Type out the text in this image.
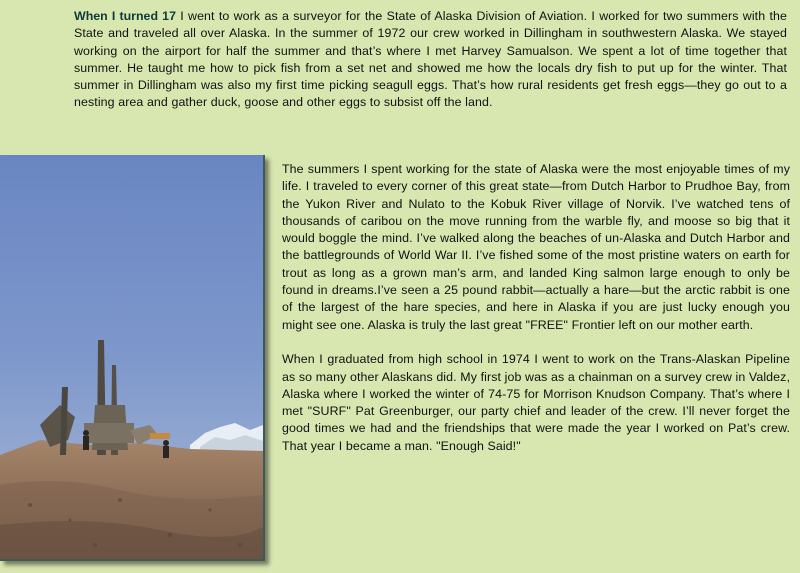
When I turned 17 I went to work as a surveyor for the State of Alaska Division of Aviation. I worked for two summers with the State and traveled all over Alaska. In the summer of 1972 our crew worked in Dillingham in southwestern Alaska. We stayed working on the airport for half the summer and that’s where I met Harvey Samualson. We spent a lot of time together that summer. He taught me how to pick fish from a set net and showed me how the locals dry fish to put up for the winter. That summer in Dillingham was also my first time picking seagull eggs. That’s how rural residents get fresh eggs—they go out to a nesting area and gather duck, goose and other eggs to subsist off the land.

The summers I spent working for the state of Alaska were the most enjoyable times of my life. I traveled to every corner of this great state—from Dutch Harbor to Prudhoe Bay, from the Yukon River and Nulato to the Kobuk River village of Norvik. I’ve watched tens of thousands of caribou on the move running from the warble fly, and moose so big that it would boggle the mind. I’ve walked along the beaches of un-Alaska and Dutch Harbor and the battlegrounds of World War II. I’ve fished some of the most pristine waters on earth for trout as long as a grown man’s arm, and landed King salmon large enough to only be found in dreams.I’ve seen a 25 pound rabbit—actually a hare—but the arctic rabbit is one of the largest of the hare species, and here in Alaska if you are just lucky enough you might see one. Alaska is truly the last great "FREE" Frontier left on our mother earth.

When I graduated from high school in 1974 I went to work on the Trans-Alaskan Pipeline as so many other Alaskans did. My first job was as a chainman on a survey crew in Valdez, Alaska where I worked the winter of 74-75 for Morrison Knudson Company. That’s where I met "SURF" Pat Greenburger, our party chief and leader of the crew. I’ll never forget the good times we had and the friendships that were made the year I worked on Pat’s crew. That year I became a man. "Enough Said!"
